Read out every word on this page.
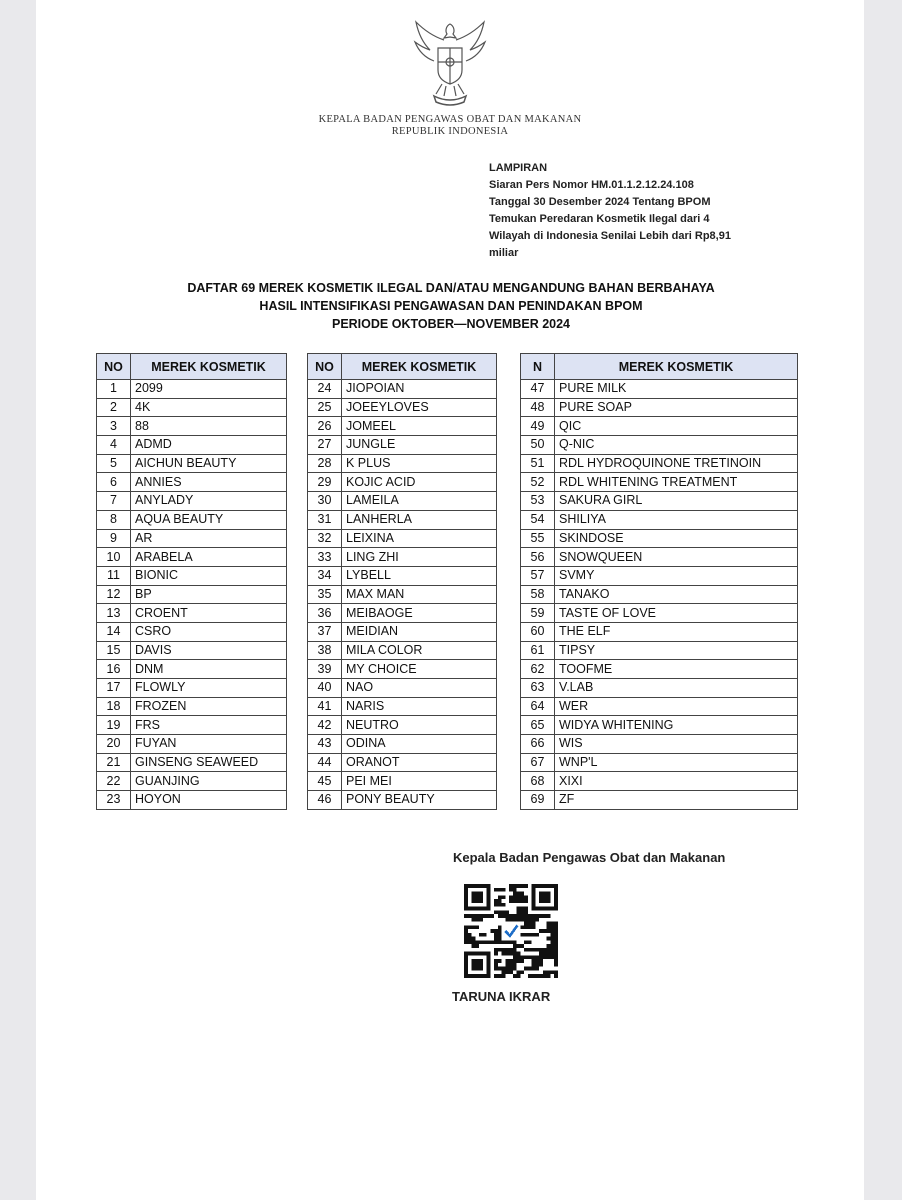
KEPALA BADAN PENGAWAS OBAT DAN MAKANAN
REPUBLIK INDONESIA
LAMPIRAN
Siaran Pers Nomor HM.01.1.2.12.24.108
Tanggal 30 Desember 2024 Tentang BPOM
Temukan Peredaran Kosmetik Ilegal dari 4
Wilayah di Indonesia Senilai Lebih dari Rp8,91
miliar
DAFTAR 69 MEREK KOSMETIK ILEGAL DAN/ATAU MENGANDUNG BAHAN BERBAHAYA
HASIL INTENSIFIKASI PENGAWASAN DAN PENINDAKAN BPOM
PERIODE OKTOBER—NOVEMBER 2024
NO	MEREK KOSMETIK
1	2099
2	4K
3	88
4	ADMD
5	AICHUN BEAUTY
6	ANNIES
7	ANYLADY
8	AQUA BEAUTY
9	AR
10	ARABELA
11	BIONIC
12	BP
13	CROENT
14	CSRO
15	DAVIS
16	DNM
17	FLOWLY
18	FROZEN
19	FRS
20	FUYAN
21	GINSENG SEAWEED
22	GUANJING
23	HOYON
NO	MEREK KOSMETIK
24	JIOPOIAN
25	JOEEYLOVES
26	JOMEEL
27	JUNGLE
28	K PLUS
29	KOJIC ACID
30	LAMEILA
31	LANHERLA
32	LEIXINA
33	LING ZHI
34	LYBELL
35	MAX MAN
36	MEIBAOGE
37	MEIDIAN
38	MILA COLOR
39	MY CHOICE
40	NAO
41	NARIS
42	NEUTRO
43	ODINA
44	ORANOT
45	PEI MEI
46	PONY BEAUTY
N	MEREK KOSMETIK
47	PURE MILK
48	PURE SOAP
49	QIC
50	Q-NIC
51	RDL HYDROQUINONE TRETINOIN
52	RDL WHITENING TREATMENT
53	SAKURA GIRL
54	SHILIYA
55	SKINDOSE
56	SNOWQUEEN
57	SVMY
58	TANAKO
59	TASTE OF LOVE
60	THE ELF
61	TIPSY
62	TOOFME
63	V.LAB
64	WER
65	WIDYA WHITENING
66	WIS
67	WNP'L
68	XIXI
69	ZF
Kepala Badan Pengawas Obat dan Makanan
TARUNA IKRAR
